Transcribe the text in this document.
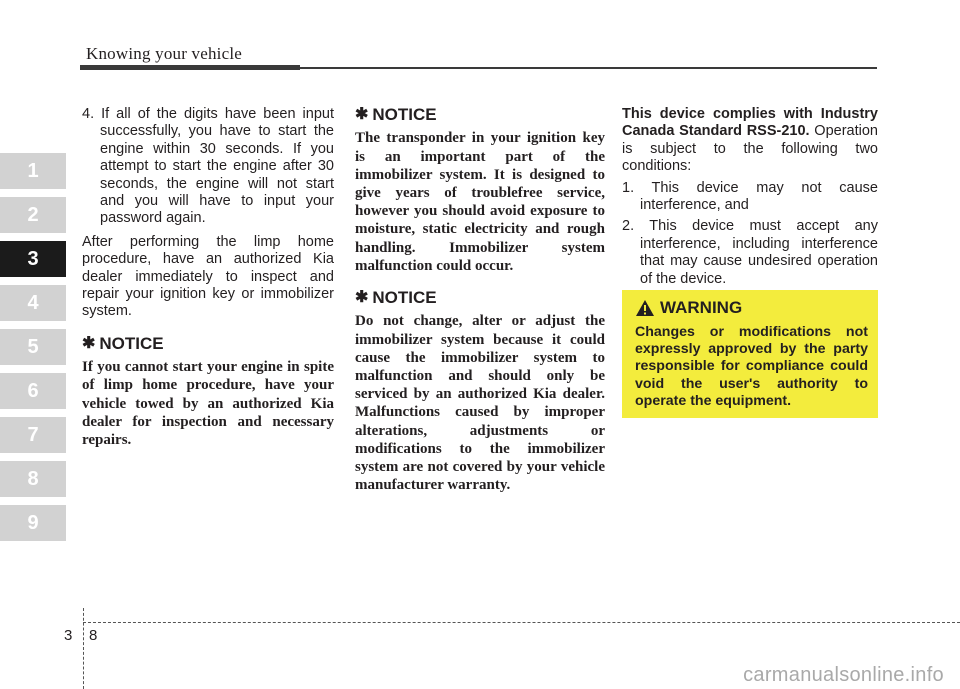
Knowing your vehicle
1
2
3
4
5
6
7
8
9

4. If all of the digits have been input successfully, you have to start the engine within 30 seconds. If you attempt to start the engine after 30 seconds, the engine will not start and you will have to input your password again.

After performing the limp home procedure, have an authorized Kia dealer immediately to inspect and repair your ignition key or immobilizer system.

✱ NOTICE

If you cannot start your engine in spite of limp home procedure, have your vehicle towed by an authorized Kia dealer for inspection and necessary repairs.

✱ NOTICE

The transponder in your ignition key is an important part of the immobilizer system. It is designed to give years of troublefree service, however you should avoid exposure to moisture, static electricity and rough handling. Immobilizer system malfunction could occur.

✱ NOTICE

Do not change, alter or adjust the immobilizer system because it could cause the immobilizer system to malfunction and should only be serviced by an authorized Kia dealer. Malfunctions caused by improper alterations, adjustments or modifications to the immobilizer system are not covered by your vehicle manufacturer warranty.

This device complies with Industry Canada Standard RSS-210. Operation is subject to the following two conditions:

1. This device may not cause interference, and

2. This device must accept any interference, including interference that may cause undesired operation of the device.

WARNING
Changes or modifications not expressly approved by the party responsible for compliance could void the user's authority to operate the equipment.
3 8
carmanualsonline.info
